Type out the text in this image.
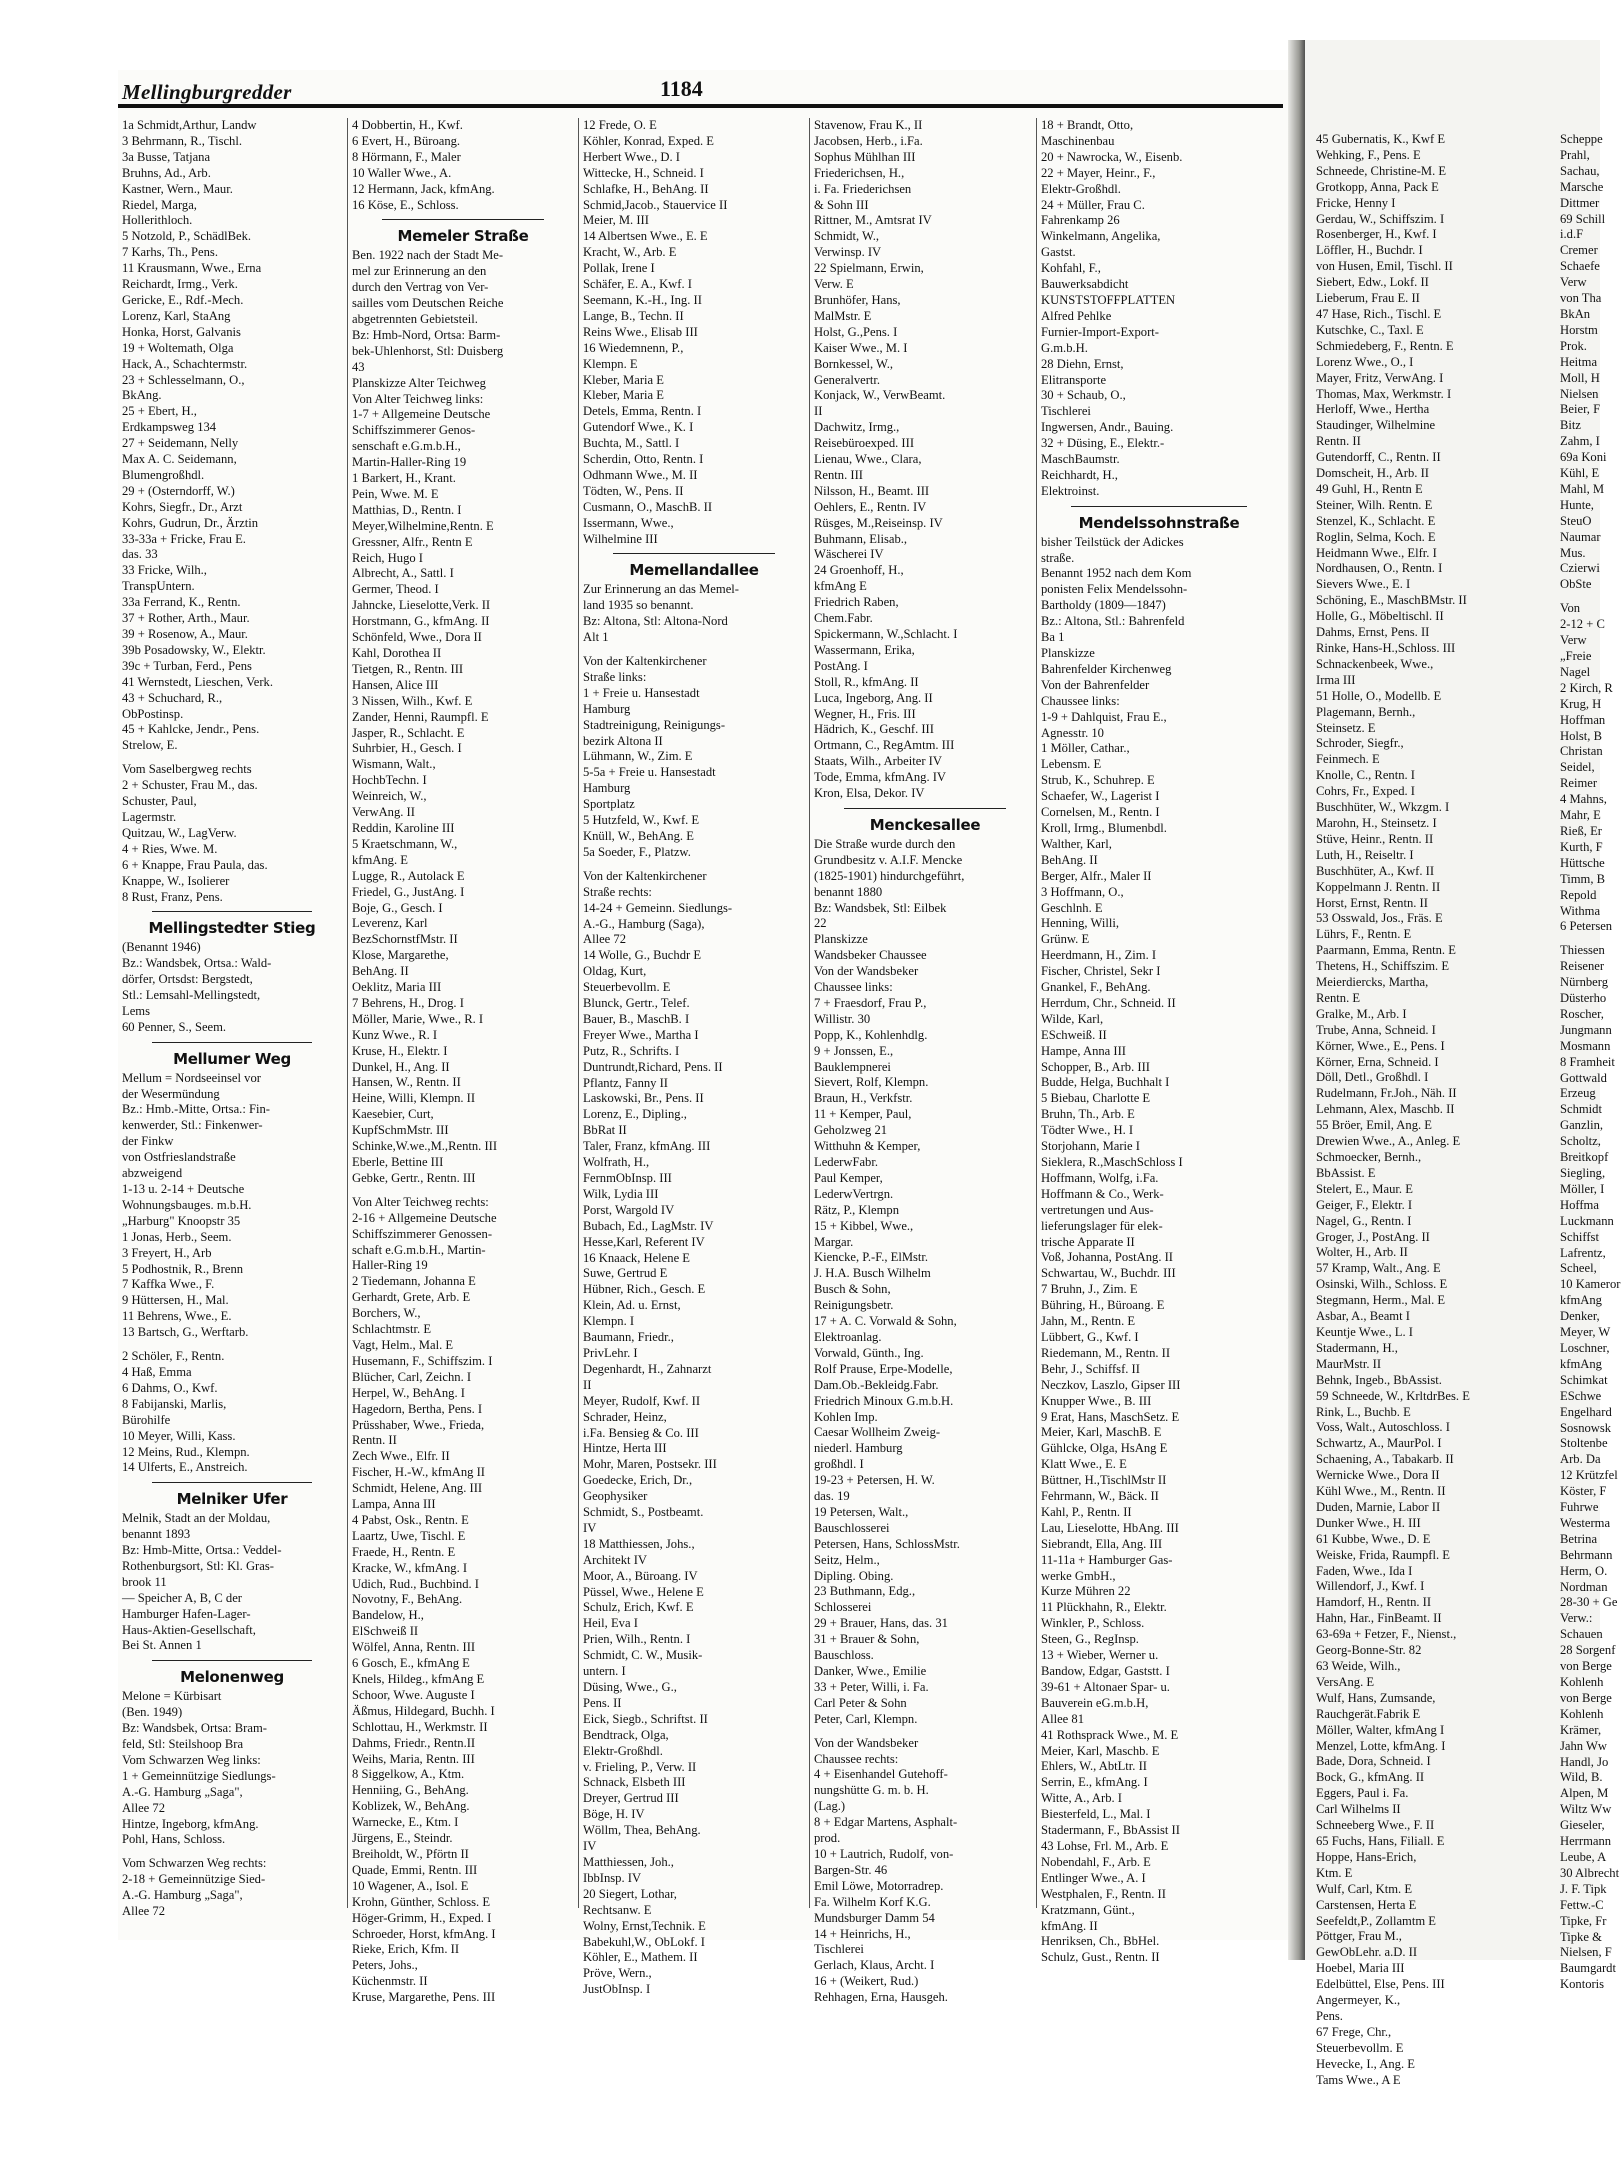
Mellingburgredder	1184
1a Schmidt,Arthur, Landw
3 Behrmann, R., Tischl.
3a Busse, Tatjana
Bruhns, Ad., Arb.
Kastner, Wern., Maur.
Riedel, Marga,
Hollerithloch.
5 Notzold, P., SchädlBek.
7 Karhs, Th., Pens.
11 Krausmann, Wwe., Erna
Reichardt, Irmg., Verk.
Gericke, E., Rdf.-Mech.
Lorenz, Karl, StaAng
Honka, Horst, Galvanis
19 + Woltemath, Olga
Hack, A., Schachtermstr.
23 + Schlesselmann, O.,
BkAng.
25 + Ebert, H.,
Erdkampsweg 134
27 + Seidemann, Nelly
Max A. C. Seidemann,
Blumengroßhdl.
29 + (Osterndorff, W.)
Kohrs, Siegfr., Dr., Arzt
Kohrs, Gudrun, Dr., Ärztin
33-33a + Fricke, Frau E.
das. 33
33 Fricke, Wilh.,
TranspUntern.
33a Ferrand, K., Rentn.
37 + Rother, Arth., Maur.
39 + Rosenow, A., Maur.
39b Posadowsky, W., Elektr.
39c + Turban, Ferd., Pens
41 Wernstedt, Lieschen, Verk.
43 + Schuchard, R.,
ObPostinsp.
45 + Kahlcke, Jendr., Pens.
Strelow, E.
Vom Saselbergweg rechts
2 + Schuster, Frau M., das.
Schuster, Paul,
Lagermstr.
Quitzau, W., LagVerw.
4 + Ries, Wwe. M.
6 + Knappe, Frau Paula, das.
Knappe, W., Isolierer
8 Rust, Franz, Pens.
Mellingstedter Stieg
(Benannt 1946)
Bz.: Wandsbek, Ortsa.: Wald-
dörfer, Ortsdst: Bergstedt,
Stl.: Lemsahl-Mellingstedt,
Lems
60 Penner, S., Seem.
Mellumer Weg
Mellum = Nordseeinsel vor
der Wesermündung
Bz.: Hmb.-Mitte, Ortsa.: Fin-
kenwerder, Stl.: Finkenwer-
der Finkw
von Ostfrieslandstraße
abzweigend
1-13 u. 2-14 + Deutsche
Wohnungsbauges. m.b.H.
„Harburg" Knoopstr 35
1 Jonas, Herb., Seem.
3 Freyert, H., Arb
5 Podhostnik, R., Brenn
7 Kaffka Wwe., F.
9 Hüttersen, H., Mal.
11 Behrens, Wwe., E.
13 Bartsch, G., Werftarb.
2 Schöler, F., Rentn.
4 Haß, Emma
6 Dahms, O., Kwf.
8 Fabijanski, Marlis,
Bürohilfe
10 Meyer, Willi, Kass.
12 Meins, Rud., Klempn.
14 Ulferts, E., Anstreich.
Melniker Ufer
Melnik, Stadt an der Moldau,
benannt 1893
Bz: Hmb-Mitte, Ortsa.: Veddel-
Rothenburgsort, Stl: Kl. Gras-
brook 11
— Speicher A, B, C der
Hamburger Hafen-Lager-
Haus-Aktien-Gesellschaft,
Bei St. Annen 1
Melonenweg
Melone = Kürbisart
(Ben. 1949)
Bz: Wandsbek, Ortsa: Bram-
feld, Stl: Steilshoop Bra
Vom Schwarzen Weg links:
1 + Gemeinnützige Siedlungs-
A.-G. Hamburg „Saga",
Allee 72
Hintze, Ingeborg, kfmAng.
Pohl, Hans, Schloss.
Vom Schwarzen Weg rechts:
2-18 + Gemeinnützige Sied-
A.-G. Hamburg „Saga",
Allee 72
4 Dobbertin, H., Kwf.
6 Evert, H., Büroang.
8 Hörmann, F., Maler
10 Waller Wwe., A.
12 Hermann, Jack, kfmAng.
16 Köse, E., Schloss.
Memeler Straße
Ben. 1922 nach der Stadt Me-
mel zur Erinnerung an den
durch den Vertrag von Ver-
sailles vom Deutschen Reiche
abgetrennten Gebietsteil.
Bz: Hmb-Nord, Ortsa: Barm-
bek-Uhlenhorst, Stl: Duisberg
43
Planskizze Alter Teichweg
Von Alter Teichweg links:
1-7 + Allgemeine Deutsche
Schiffszimmerer Genos-
senschaft e.G.m.b.H.,
Martin-Haller-Ring 19
1 Barkert, H., Krant.
Pein, Wwe. M. E
Matthias, D., Rentn. I
Meyer,Wilhelmine,Rentn. E
Gressner, Alfr., Rentn E
Reich, Hugo I
Albrecht, A., Sattl. I
Germer, Theod. I
Jahncke, Lieselotte,Verk. II
Horstmann, G., kfmAng. II
Schönfeld, Wwe., Dora II
Kahl, Dorothea II
Tietgen, R., Rentn. III
Hansen, Alice III
3 Nissen, Wilh., Kwf. E
Zander, Henni, Raumpfl. E
Jasper, R., Schlacht. E
Suhrbier, H., Gesch. I
Wismann, Walt.,
HochbTechn. I
Weinreich, W.,
VerwAng. II
Reddin, Karoline III
5 Kraetschmann, W.,
kfmAng. E
Lugge, R., Autolack E
Friedel, G., JustAng. I
Boje, G., Gesch. I
Leverenz, Karl
BezSchornstfMstr. II
Klose, Margarethe,
BehAng. II
Oeklitz, Maria III
7 Behrens, H., Drog. I
Möller, Marie, Wwe., R. I
Kunz Wwe., R. I
Kruse, H., Elektr. I
Dunkel, H., Ang. II
Hansen, W., Rentn. II
Heine, Willi, Klempn. II
Kaesebier, Curt,
KupfSchmMstr. III
Schinke,W.we.,M.,Rentn. III
Eberle, Bettine III
Gebke, Gertr., Rentn. III
Von Alter Teichweg rechts:
2-16 + Allgemeine Deutsche
Schiffszimmerer Genossen-
schaft e.G.m.b.H., Martin-
Haller-Ring 19
2 Tiedemann, Johanna E
Gerhardt, Grete, Arb. E
Borchers, W.,
Schlachtmstr. E
Vagt, Helm., Mal. E
Husemann, F., Schiffszim. I
Blücher, Carl, Zeichn. I
Herpel, W., BehAng. I
Hagedorn, Bertha, Pens. I
Prüsshaber, Wwe., Frieda,
Rentn. II
Zech Wwe., Elfr. II
Fischer, H.-W., kfmAng II
Schmidt, Helene, Ang. III
Lampa, Anna III
4 Pabst, Osk., Rentn. E
Laartz, Uwe, Tischl. E
Fraede, H., Rentn. E
Kracke, W., kfmAng. I
Udich, Rud., Buchbind. I
Novotny, F., BehAng.
Bandelow, H.,
ElSchweiß II
Wölfel, Anna, Rentn. III
6 Gosch, E., kfmAng E
Knels, Hildeg., kfmAng E
Schoor, Wwe. Auguste I
Äßmus, Hildegard, Buchh. I
Schlottau, H., Werkmstr. II
Dahms, Friedr., Rentn.II
Weihs, Maria, Rentn. III
8 Siggelkow, A., Ktm.
Henniing, G., BehAng.
Koblizek, W., BehAng.
Warnecke, E., Ktm. I
Jürgens, E., Steindr.
Breiholdt, W., Pförtn II
Quade, Emmi, Rentn. III
10 Wagener, A., Isol. E
Krohn, Günther, Schloss. E
Höger-Grimm, H., Exped. I
Schroeder, Horst, kfmAng. I
Rieke, Erich, Kfm. II
Peters, Johs.,
Küchenmstr. II
Kruse, Margarethe, Pens. III
12 Frede, O. E
Köhler, Konrad, Exped. E
Herbert Wwe., D. I
Wittecke, H., Schneid. I
Schlafke, H., BehAng. II
Schmid,Jacob., Stauervice II
Meier, M. III
14 Albertsen Wwe., E. E
Kracht, W., Arb. E
Pollak, Irene I
Schäfer, E. A., Kwf. I
Seemann, K.-H., Ing. II
Lange, B., Techn. II
Reins Wwe., Elisab III
16 Wiedemnenn, P.,
Klempn. E
Kleber, Maria E
Kleber, Maria E
Detels, Emma, Rentn. I
Gutendorf Wwe., K. I
Buchta, M., Sattl. I
Scherdin, Otto, Rentn. I
Odhmann Wwe., M. II
Tödten, W., Pens. II
Cusmann, O., MaschB. II
Issermann, Wwe.,
Wilhelmine III
Memellandallee
Zur Erinnerung an das Memel-
land 1935 so benannt.
Bz: Altona, Stl: Altona-Nord
Alt 1
Von der Kaltenkirchener
Straße links:
1 + Freie u. Hansestadt
Hamburg
Stadtreinigung, Reinigungs-
bezirk Altona II
Lühmann, W., Zim. E
5-5a + Freie u. Hansestadt
Hamburg
Sportplatz
5 Hutzfeld, W., Kwf. E
Knüll, W., BehAng. E
5a Soeder, F., Platzw.
Von der Kaltenkirchener
Straße rechts:
14-24 + Gemeinn. Siedlungs-
A.-G., Hamburg (Saga),
Allee 72
14 Wolle, G., Buchdr E
Oldag, Kurt,
Steuerbevollm. E
Blunck, Gertr., Telef.
Bauer, B., MaschB. I
Freyer Wwe., Martha I
Putz, R., Schrifts. I
Duntrundt,Richard, Pens. II
Pflantz, Fanny II
Laskowski, Br., Pens. II
Lorenz, E., Dipling.,
BbRat II
Taler, Franz, kfmAng. III
Wolfrath, H.,
FernmObInsp. III
Wilk, Lydia III
Porst, Wargold IV
Bubach, Ed., LagMstr. IV
Hesse,Karl, Referent IV
16 Knaack, Helene E
Suwe, Gertrud E
Hübner, Rich., Gesch. E
Klein, Ad. u. Ernst,
Klempn. I
Baumann, Friedr.,
PrivLehr. I
Degenhardt, H., Zahnarzt
II
Meyer, Rudolf, Kwf. II
Schrader, Heinz,
i.Fa. Bensieg & Co. III
Hintze, Herta III
Mohr, Maren, Postsekr. III
Goedecke, Erich, Dr.,
Geophysiker
Schmidt, S., Postbeamt.
IV
18 Matthiessen, Johs.,
Architekt IV
Moor, A., Büroang. IV
Püssel, Wwe., Helene E
Schulz, Erich, Kwf. E
Heil, Eva I
Prien, Wilh., Rentn. I
Schmidt, C. W., Musik-
untern. I
Düsing, Wwe., G.,
Pens. II
Eick, Siegb., Schriftst. II
Bendtrack, Olga,
Elektr-Großhdl.
v. Frieling, P., Verw. II
Schnack, Elsbeth III
Dreyer, Gertrud III
Böge, H. IV
Wöllm, Thea, BehAng.
IV
Matthiessen, Joh.,
IbbInsp. IV
20 Siegert, Lothar,
Rechtsanw. E
Wolny, Ernst,Technik. E
Babekuhl,W., ObLokf. I
Köhler, E., Mathem. II
Pröve, Wern.,
JustObInsp. I
Stavenow, Frau K., II
Jacobsen, Herb., i.Fa.
Sophus Mühlhan III
Friederichsen, H.,
i. Fa. Friederichsen
& Sohn III
Rittner, M., Amtsrat IV
Schmidt, W.,
Verwinsp. IV
22 Spielmann, Erwin,
Verw. E
Brunhöfer, Hans,
MalMstr. E
Holst, G.,Pens. I
Kaiser Wwe., M. I
Bornkessel, W.,
Generalvertr.
Konjack, W., VerwBeamt.
II
Dachwitz, Irmg.,
Reisebüroexped. III
Lienau, Wwe., Clara,
Rentn. III
Nilsson, H., Beamt. III
Oehlers, E., Rentn. IV
Rüsges, M.,Reiseinsp. IV
Buhmann, Elisab.,
Wäscherei IV
24 Groenhoff, H.,
kfmAng E
Friedrich Raben,
Chem.Fabr.
Spickermann, W.,Schlacht. I
Wassermann, Erika,
PostAng. I
Stoll, R., kfmAng. II
Luca, Ingeborg, Ang. II
Wegner, H., Fris. III
Hädrich, K., Geschf. III
Ortmann, C., RegAmtm. III
Staats, Wilh., Arbeiter IV
Tode, Emma, kfmAng. IV
Kron, Elsa, Dekor. IV
Menckesallee
Die Straße wurde durch den
Grundbesitz v. A.I.F. Mencke
(1825-1901) hindurchgeführt,
benannt 1880
Bz: Wandsbek, Stl: Eilbek
22
Planskizze
Wandsbeker Chaussee
Von der Wandsbeker
Chaussee links:
7 + Fraesdorf, Frau P.,
Willistr. 30
Popp, K., Kohlenhdlg.
9 + Jonssen, E.,
Bauklempnerei
Sievert, Rolf, Klempn.
Braun, H., Verkfstr.
11 + Kemper, Paul,
Geholzweg 21
Witthuhn & Kemper,
LederwFabr.
Paul Kemper,
LederwVertrgn.
Rätz, P., Klempn
15 + Kibbel, Wwe.,
Margar.
Kiencke, P.-F., ElMstr.
J. H.A. Busch Wilhelm
Busch & Sohn,
Reinigungsbetr.
17 + A. C. Vorwald & Sohn,
Elektroanlag.
Vorwald, Günth., Ing.
Rolf Prause, Erpe-Modelle,
Dam.Ob.-Bekleidg.Fabr.
Friedrich Minoux G.m.b.H.
Kohlen Imp.
Caesar Wollheim Zweig-
niederl. Hamburg
großhdl. I
19-23 + Petersen, H. W.
das. 19
19 Petersen, Walt.,
Bauschlosserei
Petersen, Hans, SchlossMstr.
Seitz, Helm.,
Dipling. Obing.
23 Buthmann, Edg.,
Schlosserei
29 + Brauer, Hans, das. 31
31 + Brauer & Sohn,
Bauschloss.
Danker, Wwe., Emilie
33 + Peter, Willi, i. Fa.
Carl Peter & Sohn
Peter, Carl, Klempn.
Von der Wandsbeker
Chaussee rechts:
4 + Eisenhandel Gutehoff-
nungshütte G. m. b. H.
(Lag.)
8 + Edgar Martens, Asphalt-
prod.
10 + Lautrich, Rudolf, von-
Bargen-Str. 46
Emil Löwe, Motorradrep.
Fa. Wilhelm Korf K.G.
Mundsburger Damm 54
14 + Heinrichs, H.,
Tischlerei
Gerlach, Klaus, Archt. I
16 + (Weikert, Rud.)
Rehhagen, Erna, Hausgeh.
18 + Brandt, Otto,
Maschinenbau
20 + Nawrocka, W., Eisenb.
22 + Mayer, Heinr., F.,
Elektr-Großhdl.
24 + Müller, Frau C.
Fahrenkamp 26
Winkelmann, Angelika,
Gastst.
Kohfahl, F.,
Bauwerksabdicht
KUNSTSTOFFPLATTEN
Alfred Pehlke
Furnier-Import-Export-
G.m.b.H.
28 Diehn, Ernst,
Elitransporte
30 + Schaub, O.,
Tischlerei
Ingwersen, Andr., Bauing.
32 + Düsing, E., Elektr.-
MaschBaumstr.
Reichhardt, H.,
Elektroinst.
Mendelssohnstraße
bisher Teilstück der Adickes
straße.
Benannt 1952 nach dem Kom
ponisten Felix Mendelssohn-
Bartholdy (1809—1847)
Bz.: Altona, Stl.: Bahrenfeld
Ba 1
Planskizze
Bahrenfelder Kirchenweg
Von der Bahrenfelder
Chaussee links:
1-9 + Dahlquist, Frau E.,
Agnesstr. 10
1 Möller, Cathar.,
Lebensm. E
Strub, K., Schuhrep. E
Schaefer, W., Lagerist I
Cornelsen, M., Rentn. I
Kroll, Irmg., Blumenbdl.
Walther, Karl,
BehAng. II
Berger, Alfr., Maler II
3 Hoffmann, O.,
Geschlnh. E
Henning, Willi,
Grünw. E
Heerdmann, H., Zim. I
Fischer, Christel, Sekr I
Gnankel, F., BehAng.
Herrdum, Chr., Schneid. II
Wilde, Karl,
ESchweiß. II
Hampe, Anna III
Schopper, B., Arb. III
Budde, Helga, Buchhalt I
5 Biebau, Charlotte E
Bruhn, Th., Arb. E
Tödter Wwe., H. I
Storjohann, Marie I
Sieklera, R.,MaschSchloss I
Hoffmann, Wolfg, i.Fa.
Hoffmann & Co., Werk-
vertretungen und Aus-
lieferungslager für elek-
trische Apparate II
Voß, Johanna, PostAng. II
Schwartau, W., Buchdr. III
7 Bruhn, J., Zim. E
Bühring, H., Büroang. E
Jahn, M., Rentn. E
Lübbert, G., Kwf. I
Riedemann, M., Rentn. II
Behr, J., Schiffsf. II
Neczkov, Laszlo, Gipser III
Knupper Wwe., B. III
9 Erat, Hans, MaschSetz. E
Meier, Karl, MaschB. E
Gühlcke, Olga, HsAng E
Klatt Wwe., E. E
Büttner, H.,TischlMstr II
Fehrmann, W., Bäck. II
Kahl, P., Rentn. II
Lau, Lieselotte, HbAng. III
Siebrandt, Ella, Ang. III
11-11a + Hamburger Gas-
werke GmbH.,
Kurze Mühren 22
11 Plückhahn, R., Elektr.
Winkler, P., Schloss.
Steen, G., RegInsp.
13 + Wieber, Werner u.
Bandow, Edgar, Gaststt. I
39-61 + Altonaer Spar- u.
Bauverein eG.m.b.H,
Allee 81
41 Rothsprack Wwe., M. E
Meier, Karl, Maschb. E
Ehlers, W., AbtLtr. II
Serrin, E., kfmAng. I
Witte, A., Arb. I
Biesterfeld, L., Mal. I
Stadermann, F., BbAssist II
43 Lohse, Frl. M., Arb. E
Nobendahl, F., Arb. E
Entlinger Wwe., A. I
Westphalen, F., Rentn. II
Kratzmann, Günt.,
kfmAng. II
Henriksen, Ch., BbHel.
Schulz, Gust., Rentn. II
45 Gubernatis, K., Kwf E
Wehking, F., Pens. E
Schneede, Christine-M. E
Grotkopp, Anna, Pack E
Fricke, Henny I
Gerdau, W., Schiffszim. I
Rosenberger, H., Kwf. I
Löffler, H., Buchdr. I
von Husen, Emil, Tischl. II
Siebert, Edw., Lokf. II
Lieberum, Frau E. II
47 Hase, Rich., Tischl. E
Kutschke, C., Taxl. E
Schmiedeberg, F., Rentn. E
Lorenz Wwe., O., I
Mayer, Fritz, VerwAng. I
Thomas, Max, Werkmstr. I
Herloff, Wwe., Hertha
Staudinger, Wilhelmine
Rentn. II
Gutendorff, C., Rentn. II
Domscheit, H., Arb. II
49 Guhl, H., Rentn E
Steiner, Wilh. Rentn. E
Stenzel, K., Schlacht. E
Roglin, Selma, Koch. E
Heidmann Wwe., Elfr. I
Nordhausen, O., Rentn. I
Sievers Wwe., E. I
Schöning, E., MaschBMstr. II
Holle, G., Möbeltischl. II
Dahms, Ernst, Pens. II
Rinke, Hans-H.,Schloss. III
Schnackenbeek, Wwe.,
Irma III
51 Holle, O., Modellb. E
Plagemann, Bernh.,
Steinsetz. E
Schroder, Siegfr.,
Feinmech. E
Knolle, C., Rentn. I
Cohrs, Fr., Exped. I
Buschhüter, W., Wkzgm. I
Marohn, H., Steinsetz. I
Stüve, Heinr., Rentn. II
Luth, H., Reiseltr. I
Buschhüter, A., Kwf. II
Koppelmann J. Rentn. II
Horst, Ernst, Rentn. II
53 Osswald, Jos., Fräs. E
Lührs, F., Rentn. E
Paarmann, Emma, Rentn. E
Thetens, H., Schiffszim. E
Meierdiercks, Martha,
Rentn. E
Gralke, M., Arb. I
Trube, Anna, Schneid. I
Körner, Wwe., E., Pens. I
Körner, Erna, Schneid. I
Döll, Detl., Großhdl. I
Rudelmann, Fr.Joh., Näh. II
Lehmann, Alex, Maschb. II
55 Bröer, Emil, Ang. E
Drewien Wwe., A., Anleg. E
Schmoecker, Bernh.,
BbAssist. E
Stelert, E., Maur. E
Geiger, F., Elektr. I
Nagel, G., Rentn. I
Groger, J., PostAng. II
Wolter, H., Arb. II
57 Kramp, Walt., Ang. E
Osinski, Wilh., Schloss. E
Stegmann, Herm., Mal. E
Asbar, A., Beamt I
Keuntje Wwe., L. I
Stadermann, H.,
MaurMstr. II
Behnk, Ingeb., BbAssist.
59 Schneede, W., KrltdrBes. E
Rink, L., Buchb. E
Voss, Walt., Autoschloss. I
Schwartz, A., MaurPol. I
Schaening, A., Tabakarb. II
Wernicke Wwe., Dora II
Kühl Wwe., M., Rentn. II
Duden, Marnie, Labor II
Dunker Wwe., H. III
61 Kubbe, Wwe., D. E
Weiske, Frida, Raumpfl. E
Faden, Wwe., Ida I
Willendorf, J., Kwf. I
Hamdorf, H., Rentn. II
Hahn, Har., FinBeamt. II
63-69a + Fetzer, F., Nienst.,
Georg-Bonne-Str. 82
63 Weide, Wilh.,
VersAng. E
Wulf, Hans, Zumsande,
Rauchgerät.Fabrik E
Möller, Walter, kfmAng I
Menzel, Lotte, kfmAng. I
Bade, Dora, Schneid. I
Bock, G., kfmAng. II
Eggers, Paul i. Fa.
Carl Wilhelms II
Schneeberg Wwe., F. II
65 Fuchs, Hans, Filiall. E
Hoppe, Hans-Erich,
Ktm. E
Wulf, Carl, Ktm. E
Carstensen, Herta E
Seefeldt,P., Zollamtm E
Pöttger, Frau M.,
GewObLehr. a.D. II
Hoebel, Maria III
Edelbüttel, Else, Pens. III
Angermeyer, K.,
Pens.
67 Frege, Chr.,
Steuerbevollm. E
Hevecke, I., Ang. E
Tams Wwe., A E
Scheppe
Prahl,
Sachau,
Marsche
Dittmer
69 Schill
i.d.F
Cremer
Schaefe
Verw
von Tha
BkAn
Horstm
Prok.
Heitma
Moll, H
Nielsen
Beier, F
Bitz
Zahm, I
69a Koni
Kühl, E
Mahl, M
Hunte,
SteuO
Naumar
Mus.
Czierwi
ObSte
Von
2-12 + C
Verw
„Freie
Nagel
2 Kirch, R
Krug, H
Hoffman
Holst, B
Christan
Seidel,
Reimer
4 Mahns,
Mahr, E
Rieß, Er
Kurth, F
Hüttsche
Timm, B
Repold
Withma
6 Petersen
Thiessen
Reisener
Nürnberg
Düsterho
Roscher,
Jungmann
Mosmann
8 Framheit
Gottwald
Erzeug
Schmidt
Ganzlin,
Scholtz,
Breitkopf
Siegling,
Möller, I
Hoffma
Luckmann
Schiffst
Lafrentz,
Scheel,
10 Kameror
kfmAng
Denker,
Meyer, W
Loschner,
kfmAng
Schimkat
ESchwe
Engelhard
Sosnowsk
Stoltenbe
Arb. Da
12 Krützfel
Köster, F
Fuhrwe
Westerma
Betrina
Behrmann
Herm, O.
Nordman
28-30 + Ge
Verw.:
Schauen
28 Sorgenf
von Berge
Kohlenh
von Berge
Kohlenh
Krämer,
Jahn Ww
Handl, Jo
Wild, B.
Alpen, M
Wiltz Ww
Gieseler,
Herrmann
Leube, A
30 Albrecht
J. F. Tipk
Fettw.-C
Tipke, Fr
Tipke &
Nielsen, F
Baumgardt
Kontoris
